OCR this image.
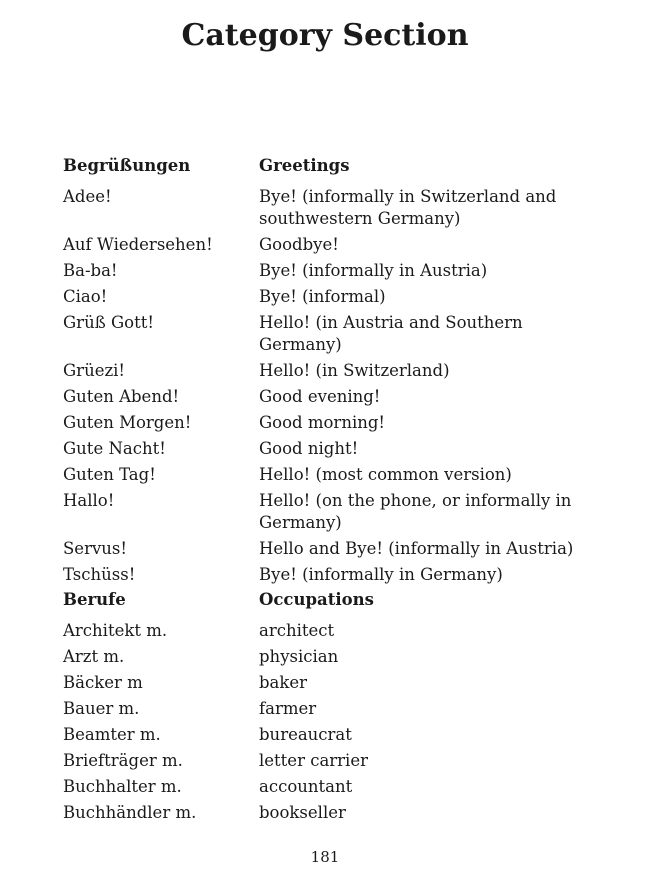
Category Section
Begrüßungen	Greetings
Adee!	Bye! (informally in Switzerland and southwestern Germany)
Auf Wiedersehen!	Goodbye!
Ba-ba!	Bye! (informally in Austria)
Ciao!	Bye! (informal)
Grüß Gott!	Hello! (in Austria and Southern Germany)
Grüezi!	Hello! (in Switzerland)
Guten Abend!	Good evening!
Guten Morgen!	Good morning!
Gute Nacht!	Good night!
Guten Tag!	Hello! (most common version)
Hallo!	Hello! (on the phone, or informally in Germany)
Servus!	Hello and Bye! (informally in Austria)
Tschüss!	Bye! (informally in Germany)
Berufe	Occupations
Architekt m.	architect
Arzt m.	physician
Bäcker m	baker
Bauer m.	farmer
Beamter m.	bureaucrat
Briefträger m.	letter carrier
Buchhalter m.	accountant
Buchhändler m.	bookseller
181
